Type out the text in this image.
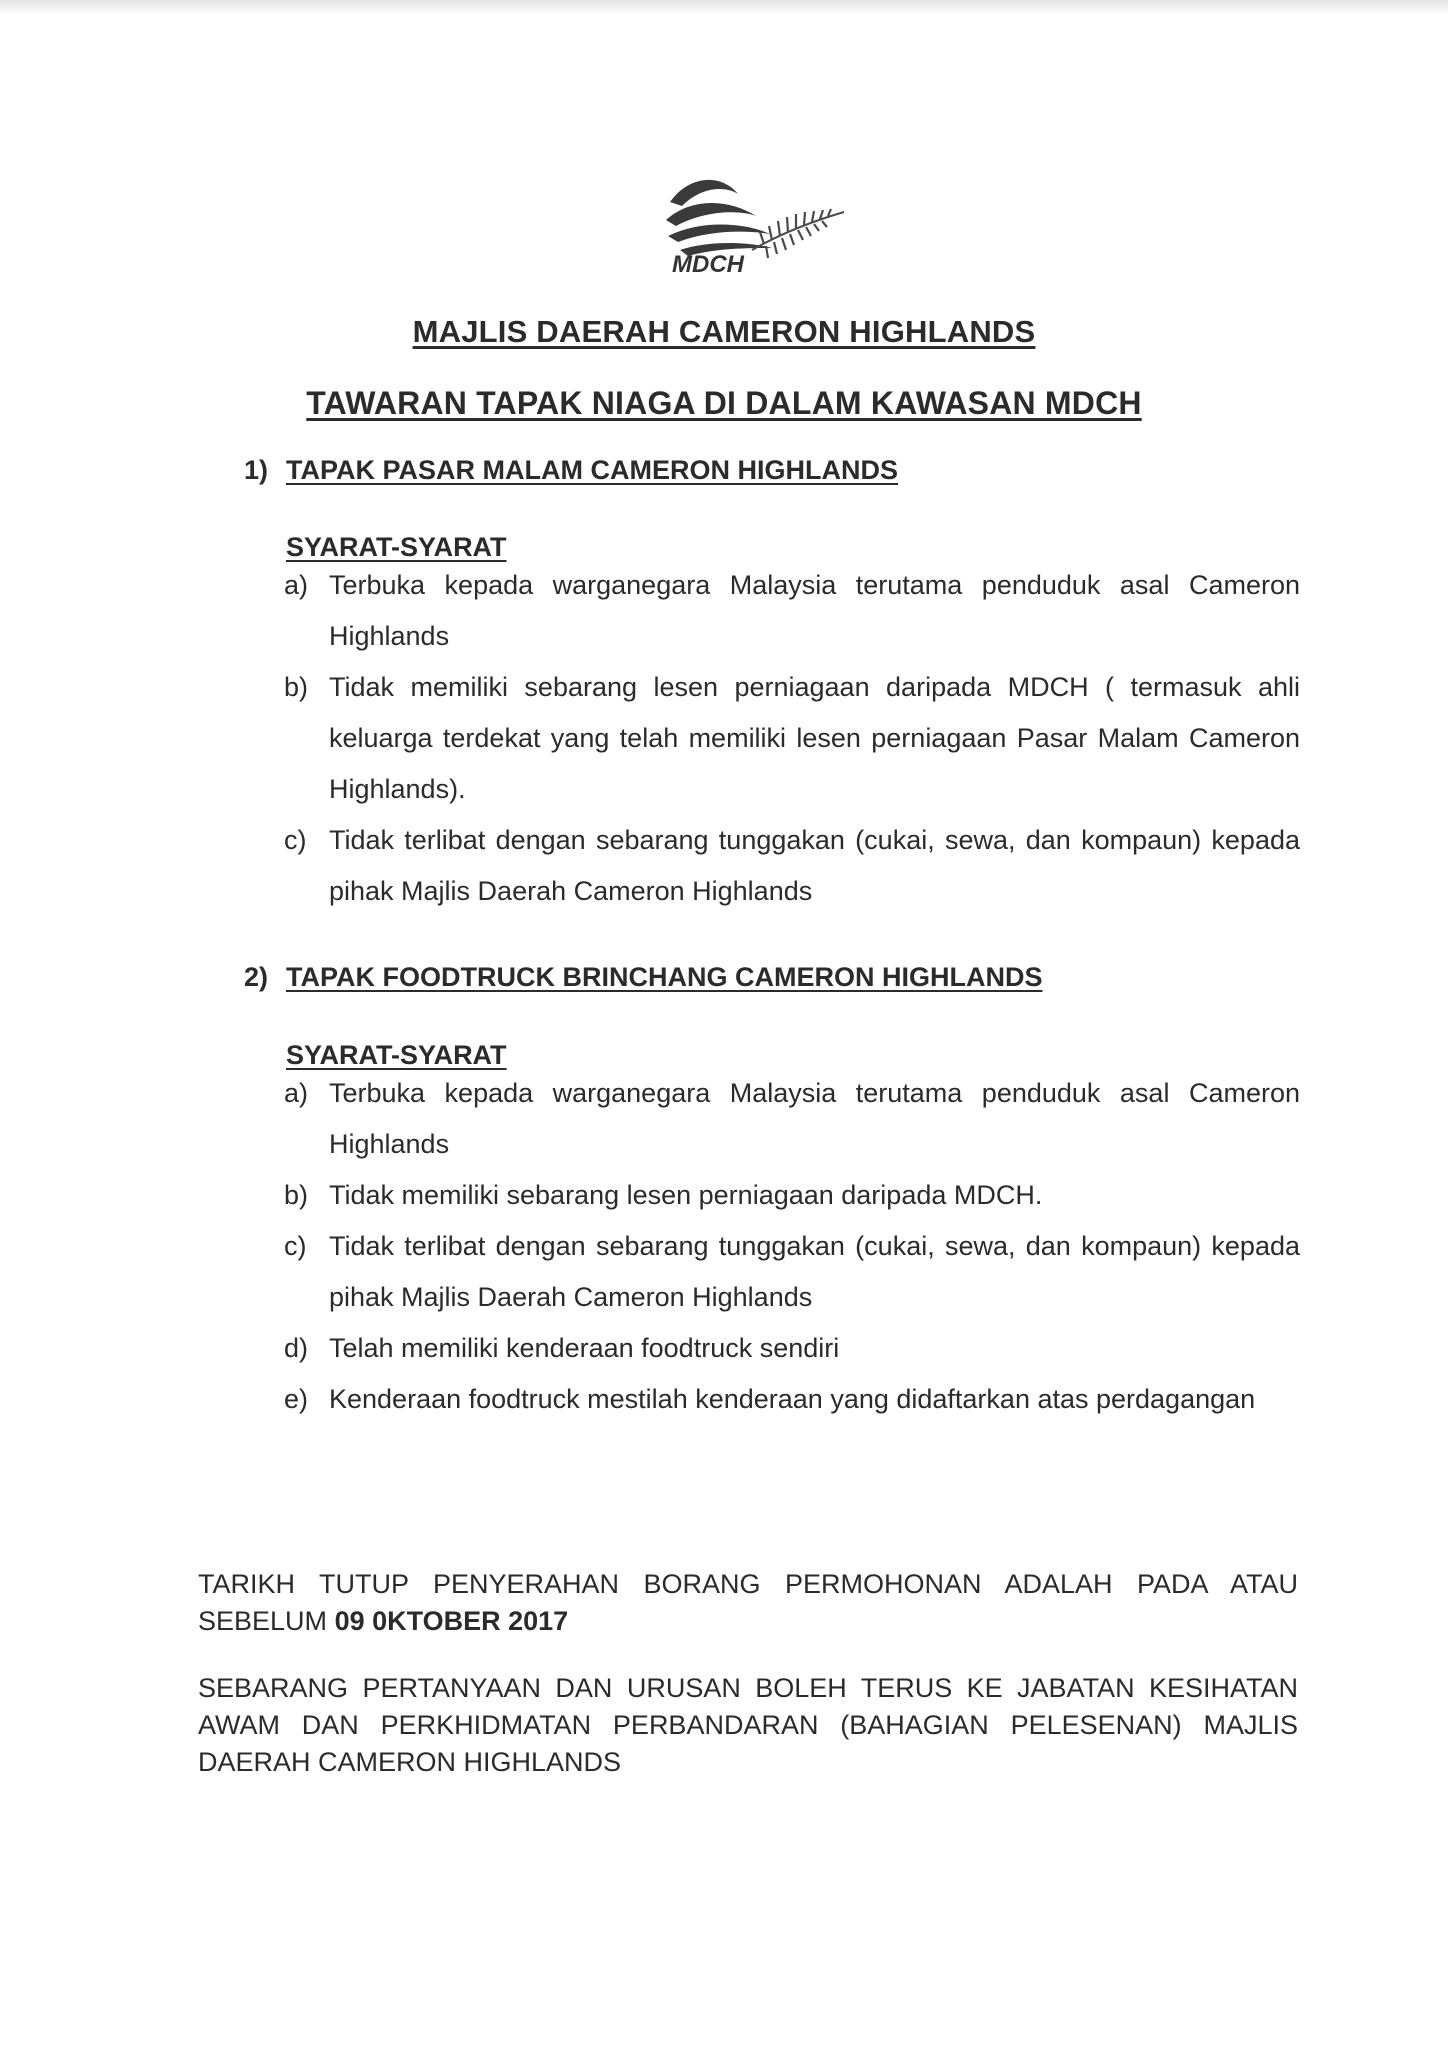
MDCH
MAJLIS DAERAH CAMERON HIGHLANDS
TAWARAN TAPAK NIAGA DI DALAM KAWASAN MDCH
1) TAPAK PASAR MALAM CAMERON HIGHLANDS
SYARAT-SYARAT
a) Terbuka kepada warganegara Malaysia terutama penduduk asal Cameron Highlands
b) Tidak memiliki sebarang lesen perniagaan daripada MDCH ( termasuk ahli keluarga terdekat yang telah memiliki lesen perniagaan Pasar Malam Cameron Highlands).
c) Tidak terlibat dengan sebarang tunggakan (cukai, sewa, dan kompaun) kepada pihak Majlis Daerah Cameron Highlands
2) TAPAK FOODTRUCK BRINCHANG CAMERON HIGHLANDS
SYARAT-SYARAT
a) Terbuka kepada warganegara Malaysia terutama penduduk asal Cameron Highlands
b) Tidak memiliki sebarang lesen perniagaan daripada MDCH.
c) Tidak terlibat dengan sebarang tunggakan (cukai, sewa, dan kompaun) kepada pihak Majlis Daerah Cameron Highlands
d) Telah memiliki kenderaan foodtruck sendiri
e) Kenderaan foodtruck mestilah kenderaan yang didaftarkan atas perdagangan

TARIKH TUTUP PENYERAHAN BORANG PERMOHONAN ADALAH PADA ATAU SEBELUM 09 0KTOBER 2017

SEBARANG PERTANYAAN DAN URUSAN BOLEH TERUS KE JABATAN KESIHATAN AWAM DAN PERKHIDMATAN PERBANDARAN (BAHAGIAN PELESENAN) MAJLIS DAERAH CAMERON HIGHLANDS
